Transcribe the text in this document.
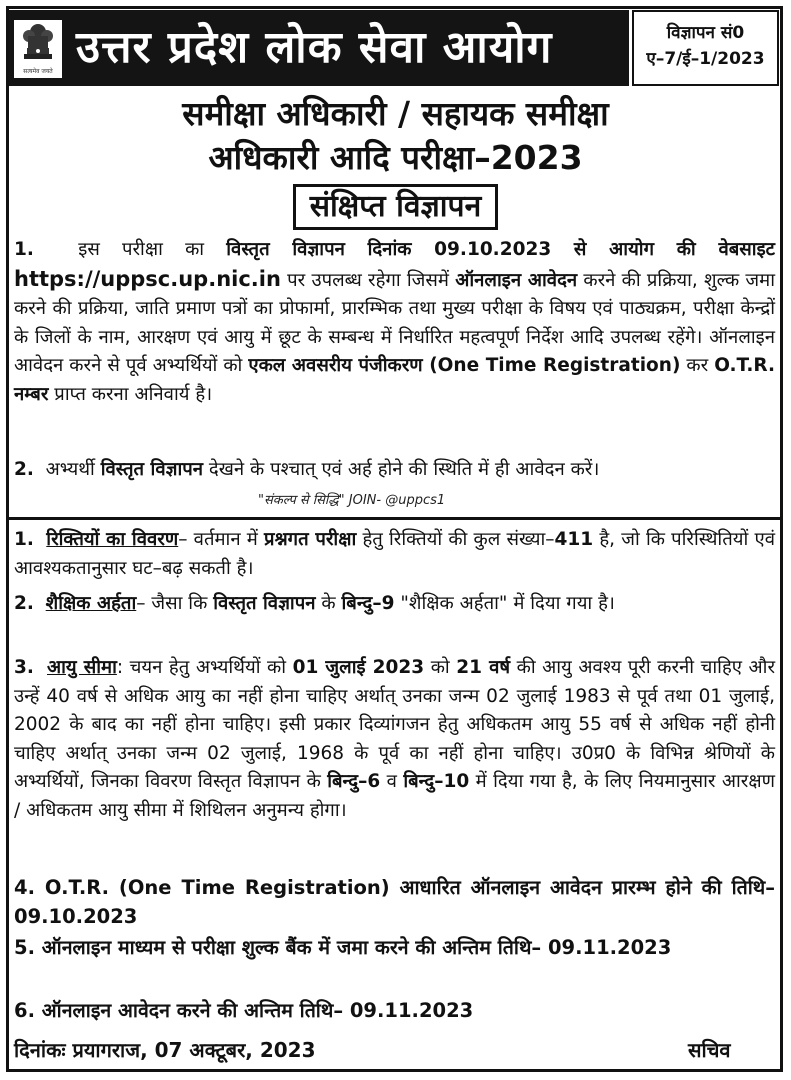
सत्यमेव जयते उत्तर प्रदेश लोक सेवा आयोग	विज्ञापन सं0
ए–7/ई–1/2023
समीक्षा अधिकारी / सहायक समीक्षा
अधिकारी आदि परीक्षा–2023
संक्षिप्त विज्ञापन
1. इस परीक्षा का विस्तृत विज्ञापन दिनांक 09.10.2023 से आयोग की वेबसाइट https://uppsc.up.nic.in पर उपलब्ध रहेगा जिसमें ऑनलाइन आवेदन करने की प्रक्रिया, शुल्क जमा करने की प्रक्रिया, जाति प्रमाण पत्रों का प्रोफार्मा, प्रारम्भिक तथा मुख्य परीक्षा के विषय एवं पाठ्यक्रम, परीक्षा केन्द्रों के जिलों के नाम, आरक्षण एवं आयु में छूट के सम्बन्ध में निर्धारित महत्वपूर्ण निर्देश आदि उपलब्ध रहेंगे। ऑनलाइन आवेदन करने से पूर्व अभ्यर्थियों को एकल अवसरीय पंजीकरण (One Time Registration) कर O.T.R. नम्बर प्राप्त करना अनिवार्य है।
2. अभ्यर्थी विस्तृत विज्ञापन देखने के पश्चात् एवं अर्ह होने की स्थिति में ही आवेदन करें।
"संकल्प से सिद्धि" JOIN- @uppcs1
1. रिक्तियों का विवरण– वर्तमान में प्रश्नगत परीक्षा हेतु रिक्तियों की कुल संख्या–411 है, जो कि परिस्थितियों एवं आवश्यकतानुसार घट–बढ़ सकती है।
2. शैक्षिक अर्हता– जैसा कि विस्तृत विज्ञापन के बिन्दु–9 "शैक्षिक अर्हता" में दिया गया है।
3. आयु सीमा: चयन हेतु अभ्यर्थियों को 01 जुलाई 2023 को 21 वर्ष की आयु अवश्य पूरी करनी चाहिए और उन्हें 40 वर्ष से अधिक आयु का नहीं होना चाहिए अर्थात् उनका जन्म 02 जुलाई 1983 से पूर्व तथा 01 जुलाई, 2002 के बाद का नहीं होना चाहिए। इसी प्रकार दिव्यांगजन हेतु अधिकतम आयु 55 वर्ष से अधिक नहीं होनी चाहिए अर्थात् उनका जन्म 02 जुलाई, 1968 के पूर्व का नहीं होना चाहिए। उ0प्र0 के विभिन्न श्रेणियों के अभ्यर्थियों, जिनका विवरण विस्तृत विज्ञापन के बिन्दु–6 व बिन्दु–10 में दिया गया है, के लिए नियमानुसार आरक्षण / अधिकतम आयु सीमा में शिथिलन अनुमन्य होगा।
4. O.T.R. (One Time Registration) आधारित ऑनलाइन आवेदन प्रारम्भ होने की तिथि– 09.10.2023
5. ऑनलाइन माध्यम से परीक्षा शुल्क बैंक में जमा करने की अन्तिम तिथि– 09.11.2023
6. ऑनलाइन आवेदन करने की अन्तिम तिथि– 09.11.2023
दिनांकः प्रयागराज, 07 अक्टूबर, 2023	सचिव
